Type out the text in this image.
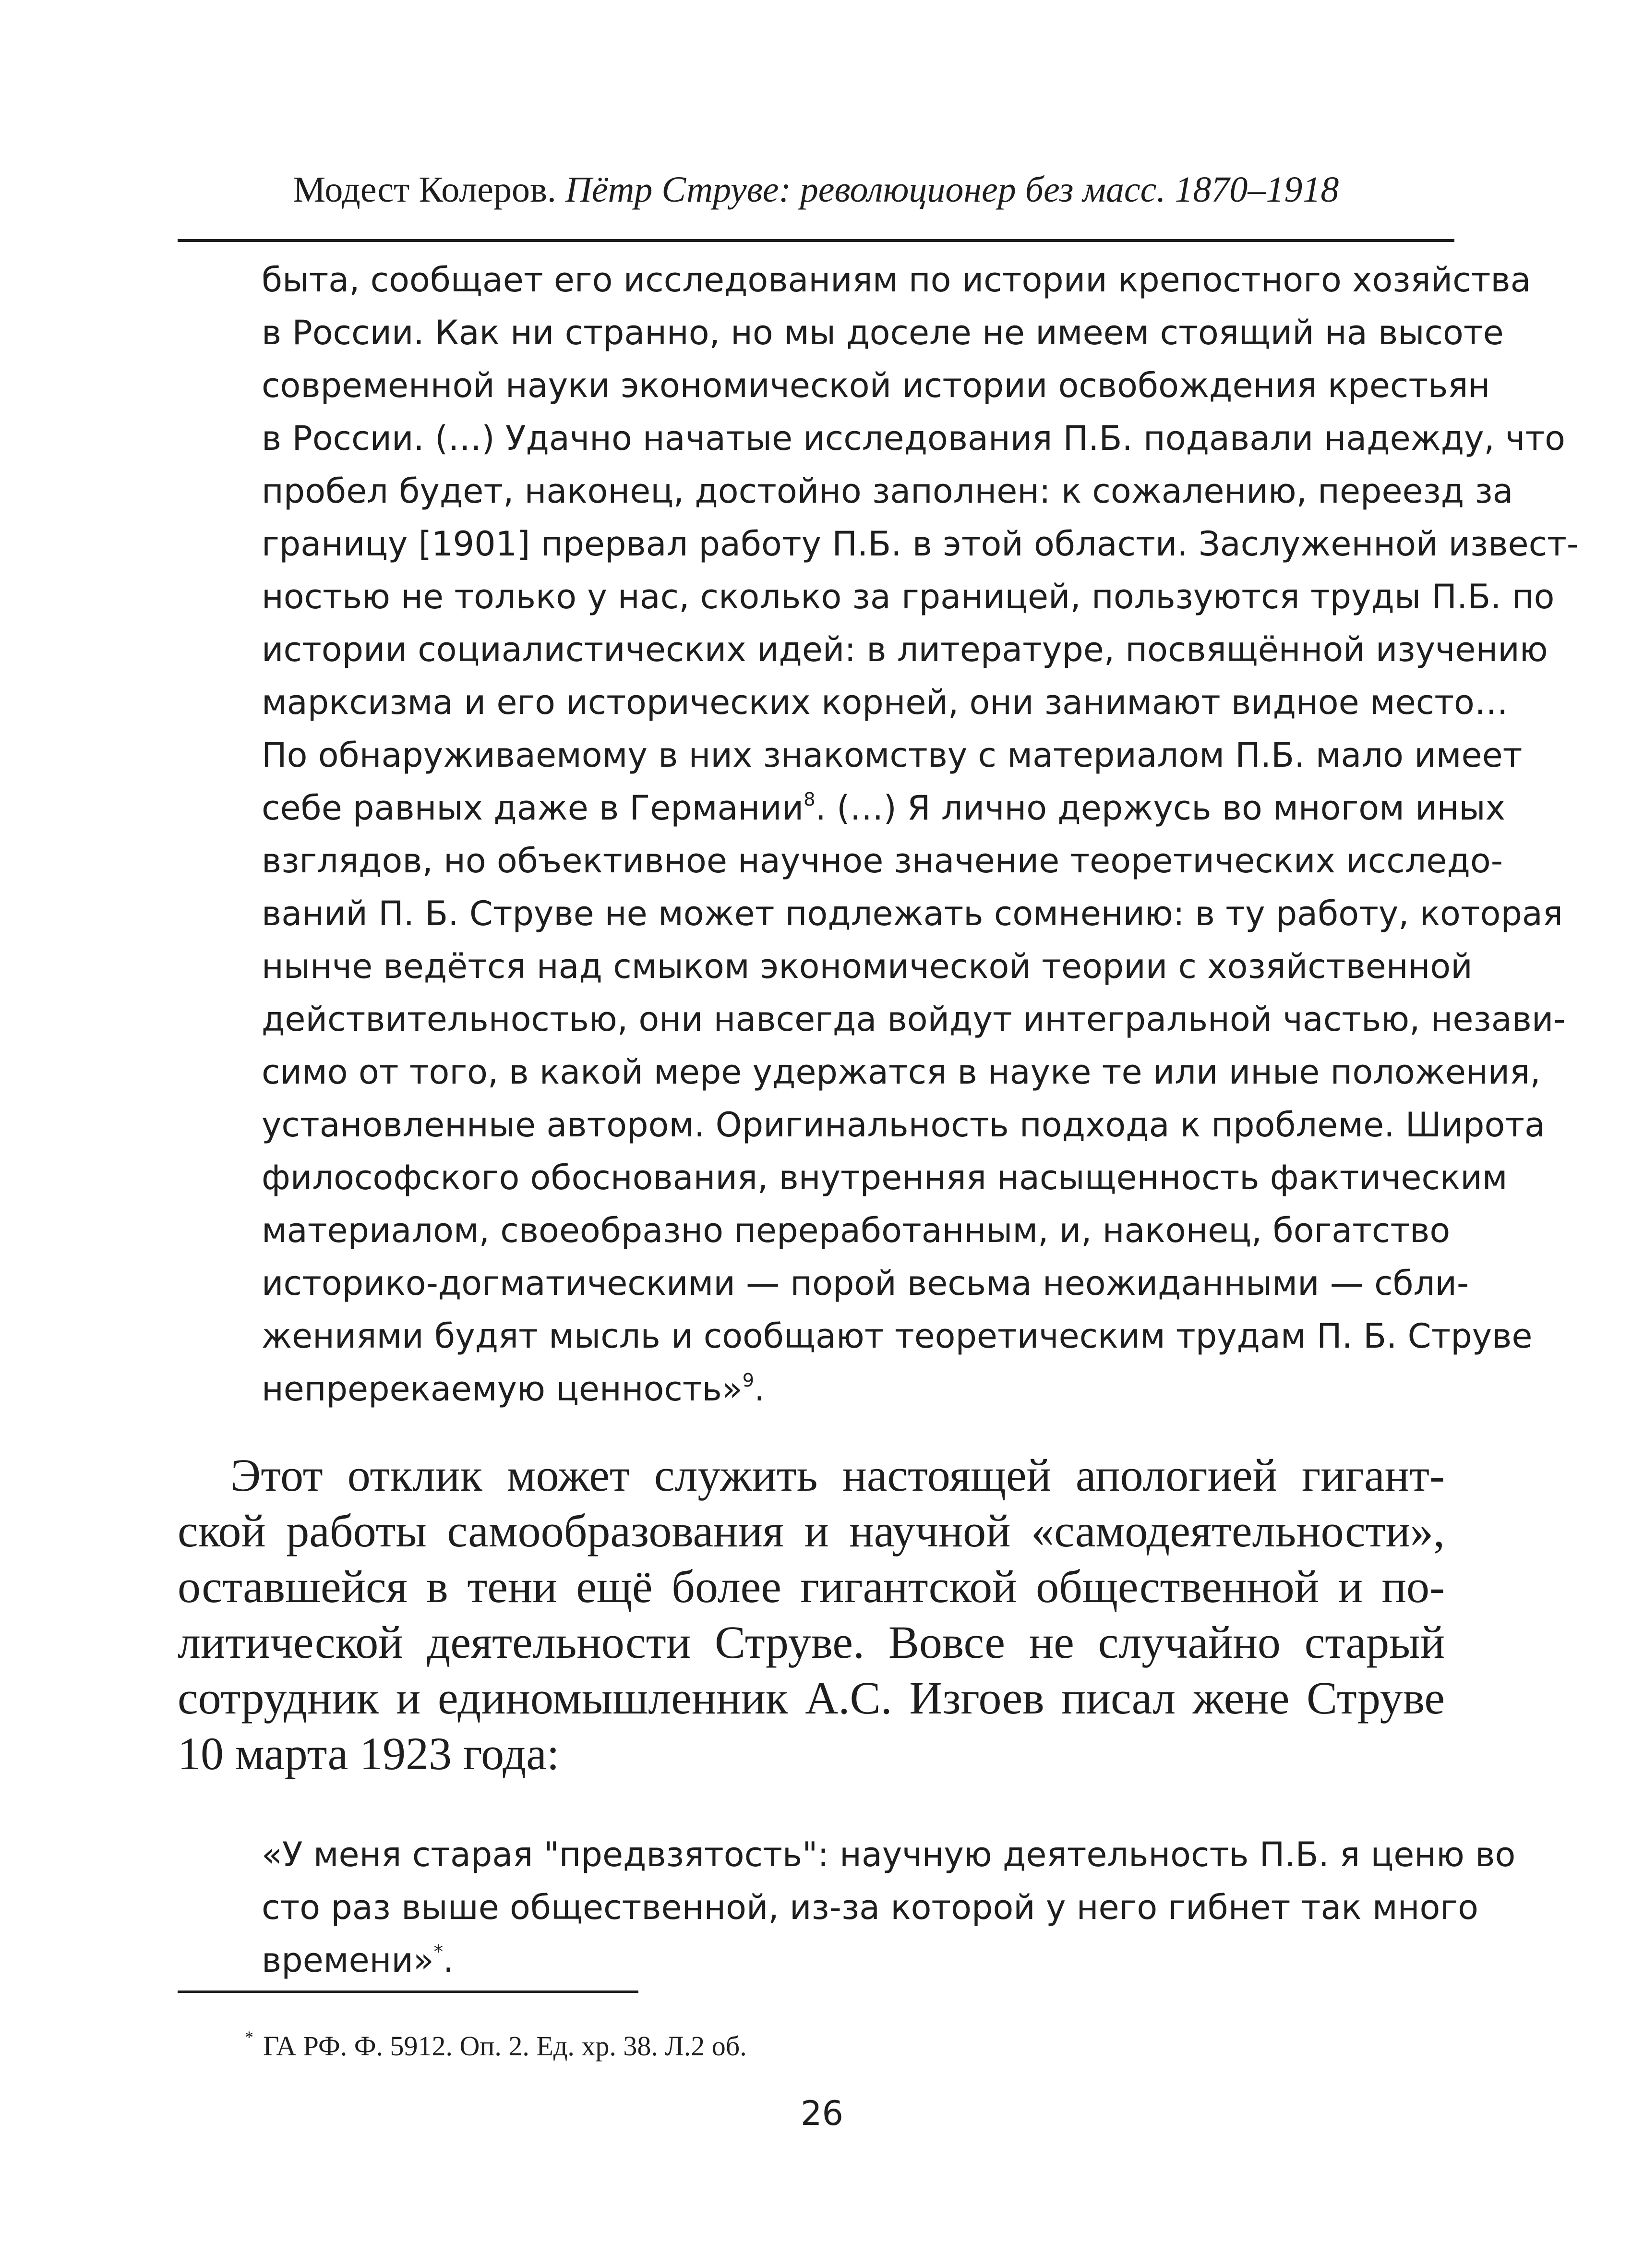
Модест Колеров. Пётр Струве: революционер без масс. 1870–1918
быта, сообщает его исследованиям по истории крепостного хозяйства
в России. Как ни странно, но мы доселе не имеем стоящий на высоте
современной науки экономической истории освобождения крестьян
в России. (…) Удачно начатые исследования П.Б. подавали надежду, что
пробел будет, наконец, достойно заполнен: к сожалению, переезд за
границу [1901] прервал работу П.Б. в этой области. Заслуженной извест-
ностью не только у нас, сколько за границей, пользуются труды П.Б. по
истории социалистических идей: в литературе, посвящённой изучению
марксизма и его исторических корней, они занимают видное место…
По обнаруживаемому в них знакомству с материалом П.Б. мало имеет
себе равных даже в Германии$^8$. (…) Я лично держусь во многом иных
взглядов, но объективное научное значение теоретических исследо-
ваний П. Б. Струве не может подлежать сомнению: в ту работу, которая
нынче ведётся над смыком экономической теории с хозяйственной
действительностью, они навсегда войдут интегральной частью, незави-
симо от того, в какой мере удержатся в науке те или иные положения,
установленные автором. Оригинальность подхода к проблеме. Широта
философского обоснования, внутренняя насыщенность фактическим
материалом, своеобразно переработанным, и, наконец, богатство
историко-догматическими — порой весьма неожиданными — сбли-
жениями будят мысль и сообщают теоретическим трудам П. Б. Струве
непререкаемую ценность»$^9$.
Этот отклик может служить настоящей апологией гигант-
ской работы самообразования и научной «самодеятельности»,
оставшейся в тени ещё более гигантской общественной и по-
литической деятельности Струве. Вовсе не случайно старый
сотрудник и единомышленник А.С. Изгоев писал жене Струве
10 марта 1923 года:
«У меня старая "предвзятость": научную деятельность П.Б. я ценю во
сто раз выше общественной, из-за которой у него гибнет так много
времени»*.
* ГА РФ. Ф. 5912. Оп. 2. Ед. хр. 38. Л.2 об.
26
